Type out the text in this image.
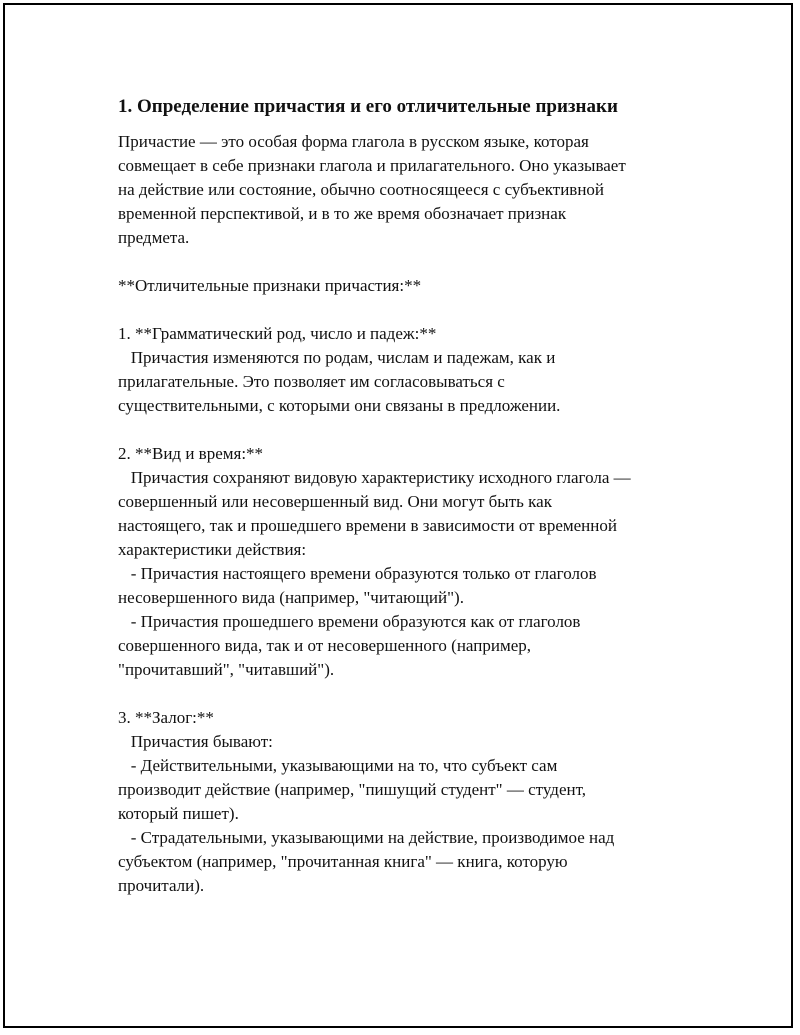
1. Определение причастия и его отличительные признаки

Причастие — это особая форма глагола в русском языке, которая
совмещает в себе признаки глагола и прилагательного. Оно указывает
на действие или состояние, обычно соотносящееся с субъективной
временной перспективой, и в то же время обозначает признак
предмета.

**Отличительные признаки причастия:**

1. **Грамматический род, число и падеж:**

Причастия изменяются по родам, числам и падежам, как и
прилагательные. Это позволяет им согласовываться с
существительными, с которыми они связаны в предложении.

2. **Вид и время:**

Причастия сохраняют видовую характеристику исходного глагола —
совершенный или несовершенный вид. Они могут быть как
настоящего, так и прошедшего времени в зависимости от временной
характеристики действия:
- Причастия настоящего времени образуются только от глаголов
несовершенного вида (например, "читающий").
- Причастия прошедшего времени образуются как от глаголов
совершенного вида, так и от несовершенного (например,
"прочитавший", "читавший").

3. **Залог:**

Причастия бывают:
- Действительными, указывающими на то, что субъект сам
производит действие (например, "пишущий студент" — студент,
который пишет).
- Страдательными, указывающими на действие, производимое над
субъектом (например, "прочитанная книга" — книга, которую
прочитали).
